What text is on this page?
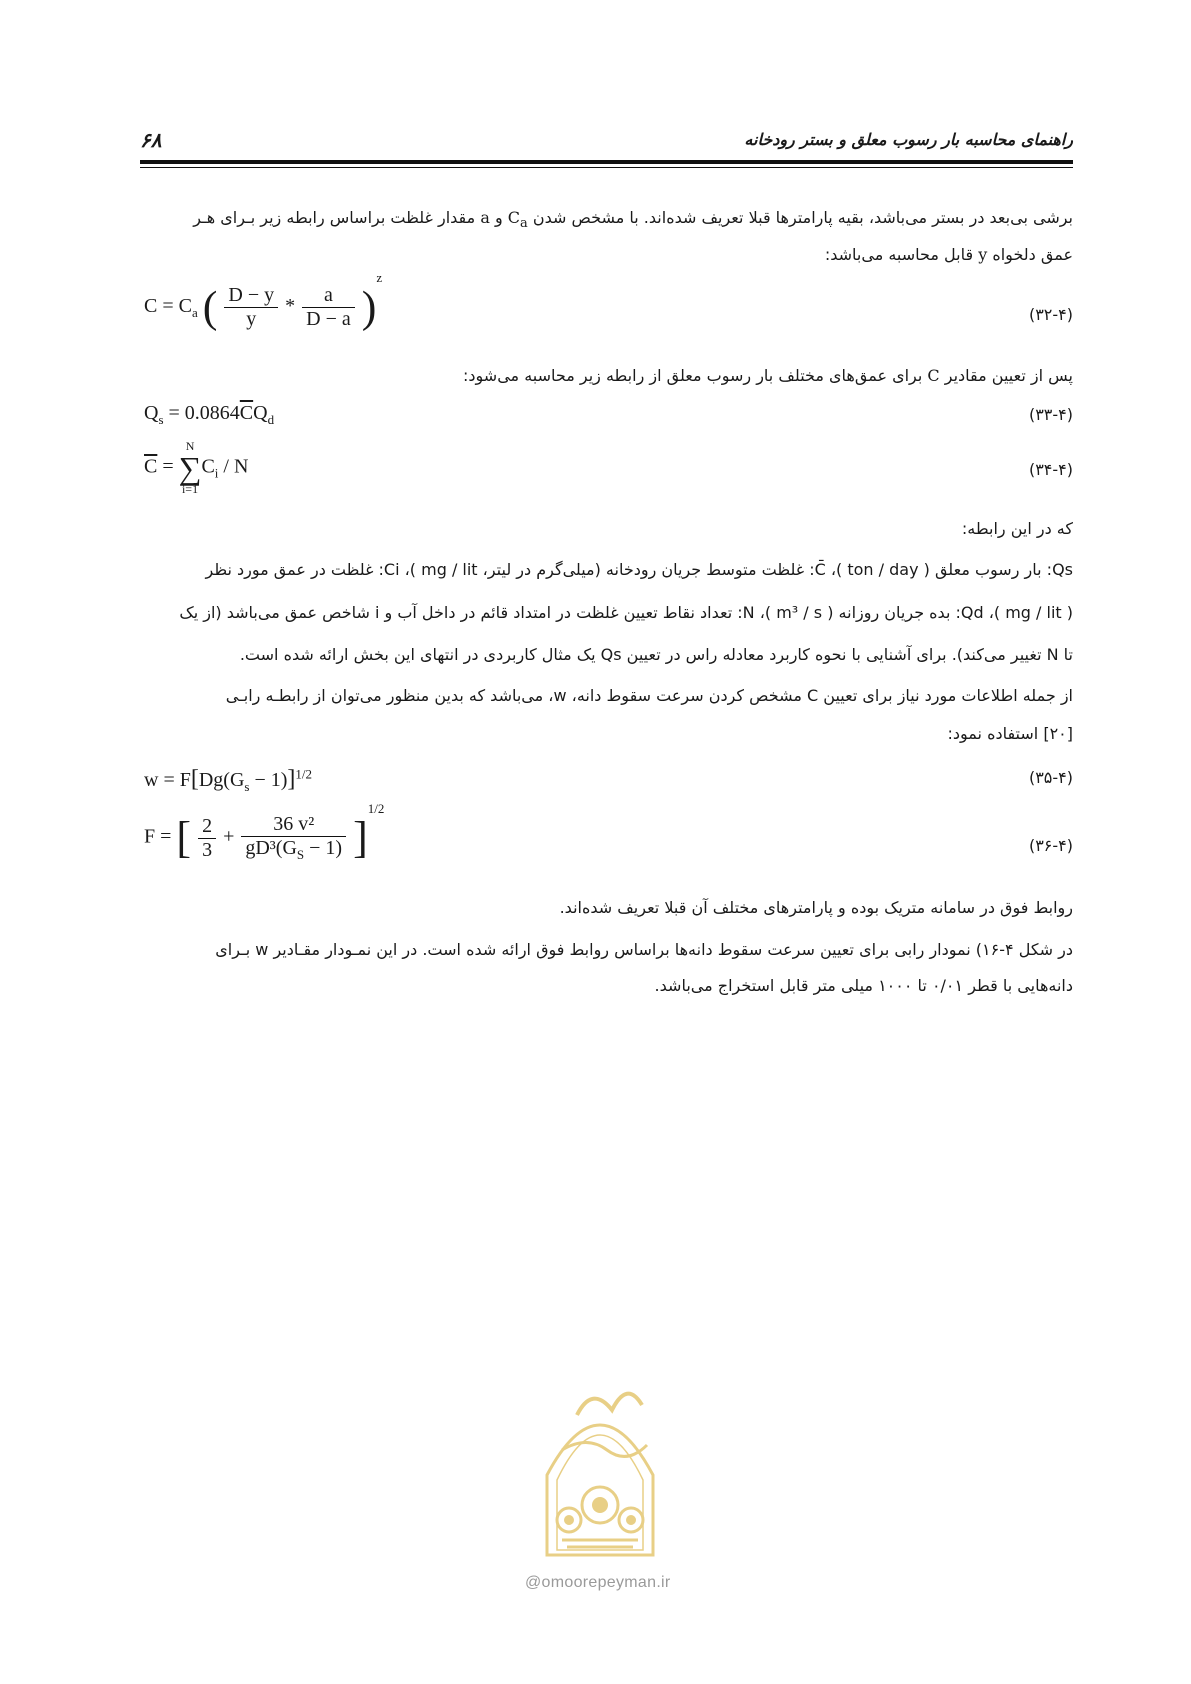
راهنمای محاسبه بار رسوب معلق و بستر رودخانه
۶۸
برشی بی‌بعد در بستر می‌باشد، بقیه پارامترها قبلا تعریف شده‌اند. با مشخص شدن $C_a$ و a مقدار غلظت براساس رابطه زیر بـرای هـر
عمق دلخواه y قابل محاسبه می‌باشد:
$C = C_a$ ( $\frac{D - y}{y} * \frac{a}{D - a} )^z$
(۳۲-۴)
پس از تعیین مقادیر C برای عمق‌های مختلف بار رسوب معلق از رابطه زیر محاسبه می‌شود:
$Q_s = 0.0864\overline{C}Q_d$	(۳۳-۴)
$\overline{C} = N$
∑
$i=1C_i / N$	(۳۴-۴)
که در این رابطه:
Qs: بار رسوب معلق ( ton / day )، C̄: غلظت متوسط جریان رودخانه (میلی‌گرم در لیتر، mg / lit )، Ci: غلظت در عمق مورد نظر
( mg / lit )، Qd: بده جریان روزانه ( m³ / s )، N: تعداد نقاط تعیین غلظت در امتداد قائم در داخل آب و i شاخص عمق می‌باشد (از یک
تا N تغییر می‌کند). برای آشنایی با نحوه کاربرد معادله راس در تعیین Qs یک مثال کاربردی در انتهای این بخش ارائه شده است.
از جمله اطلاعات مورد نیاز برای تعیین C مشخص کردن سرعت سقوط دانه، w، می‌باشد که بدین منظور می‌توان از رابطـه رابـی
[۲۰] استفاده نمود:
$w = F[Dg(G_s - 1)]^{1/2}$	(۳۵-۴)
F = [ $\frac{2}{3} + \frac{\text{36 v²}}{gD^3(G_S - 1)} ]^{1/2}$
(۳۶-۴)
روابط فوق در سامانه متریک بوده و پارامترهای مختلف آن قبلا تعریف شده‌اند.
در شکل ۴-۱۶) نمودار رابی برای تعیین سرعت سقوط دانه‌ها براساس روابط فوق ارائه شده است. در این نمـودار مقـادیر w بـرای
دانه‌هایی با قطر ۰/۰۱ تا ۱۰۰۰ میلی متر قابل استخراج می‌باشد.
@omoorepeyman.ir
